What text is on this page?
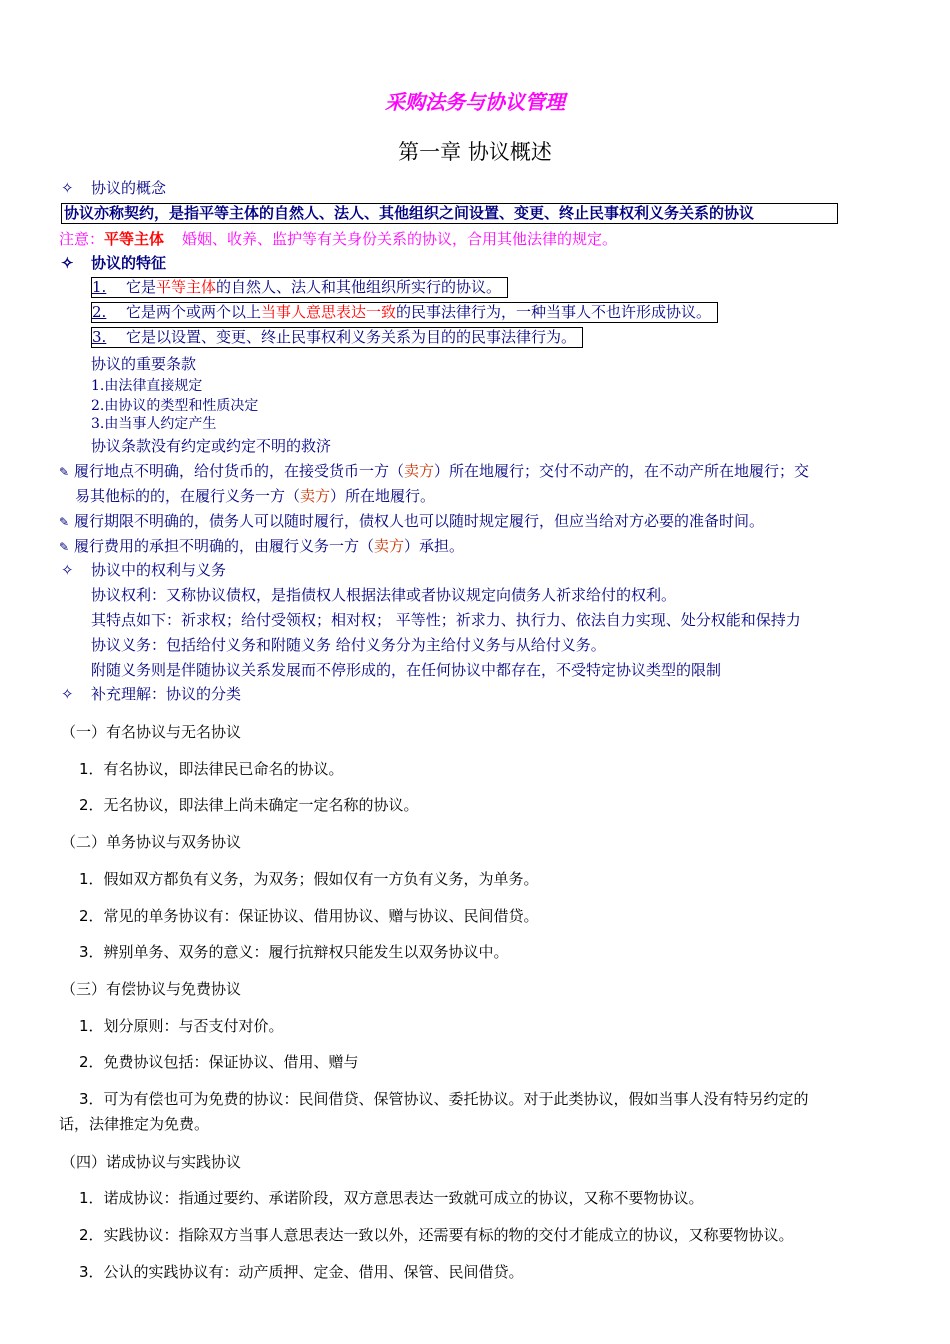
采购法务与协议管理
第一章 协议概述
✧ 协议的概念
协议亦称契约，是指平等主体的自然人、法人、其他组织之间设置、变更、终止民事权利义务关系的协议
注意：平等主体 婚姻、收养、监护等有关身份关系的协议，合用其他法律的规定。
✧ 协议的特征
1. 它是平等主体的自然人、法人和其他组织所实行的协议。
2. 它是两个或两个以上当事人意思表达一致的民事法律行为，一种当事人不也许形成协议。
3. 它是以设置、变更、终止民事权利义务关系为目的的民事法律行为。
协议的重要条款
1.由法律直接规定
2.由协议的类型和性质决定
3.由当事人约定产生
协议条款没有约定或约定不明的救济
✎ 履行地点不明确，给付货币的，在接受货币一方（卖方）所在地履行；交付不动产的，在不动产所在地履行；交
易其他标的的，在履行义务一方（卖方）所在地履行。
✎ 履行期限不明确的，债务人可以随时履行，债权人也可以随时规定履行，但应当给对方必要的准备时间。
✎ 履行费用的承担不明确的，由履行义务一方（卖方）承担。
✧ 协议中的权利与义务
协议权利：又称协议债权，是指债权人根据法律或者协议规定向债务人祈求给付的权利。
其特点如下：祈求权；给付受领权；相对权； 平等性；祈求力、执行力、依法自力实现、处分权能和保持力
协议义务：包括给付义务和附随义务 给付义务分为主给付义务与从给付义务。
附随义务则是伴随协议关系发展而不停形成的，在任何协议中都存在，不受特定协议类型的限制
✧ 补充理解：协议的分类
（一）有名协议与无名协议
1．有名协议，即法律民已命名的协议。
2．无名协议，即法律上尚未确定一定名称的协议。
（二）单务协议与双务协议
1．假如双方都负有义务，为双务；假如仅有一方负有义务，为单务。
2．常见的单务协议有：保证协议、借用协议、赠与协议、民间借贷。
3．辨别单务、双务的意义：履行抗辩权只能发生以双务协议中。
（三）有偿协议与免费协议
1．划分原则：与否支付对价。
2．免费协议包括：保证协议、借用、赠与
3．可为有偿也可为免费的协议：民间借贷、保管协议、委托协议。对于此类协议，假如当事人没有特另约定的
话，法律推定为免费。
（四）诺成协议与实践协议
1．诺成协议：指通过要约、承诺阶段，双方意思表达一致就可成立的协议，又称不要物协议。
2．实践协议：指除双方当事人意思表达一致以外，还需要有标的物的交付才能成立的协议，又称要物协议。
3．公认的实践协议有：动产质押、定金、借用、保管、民间借贷。
